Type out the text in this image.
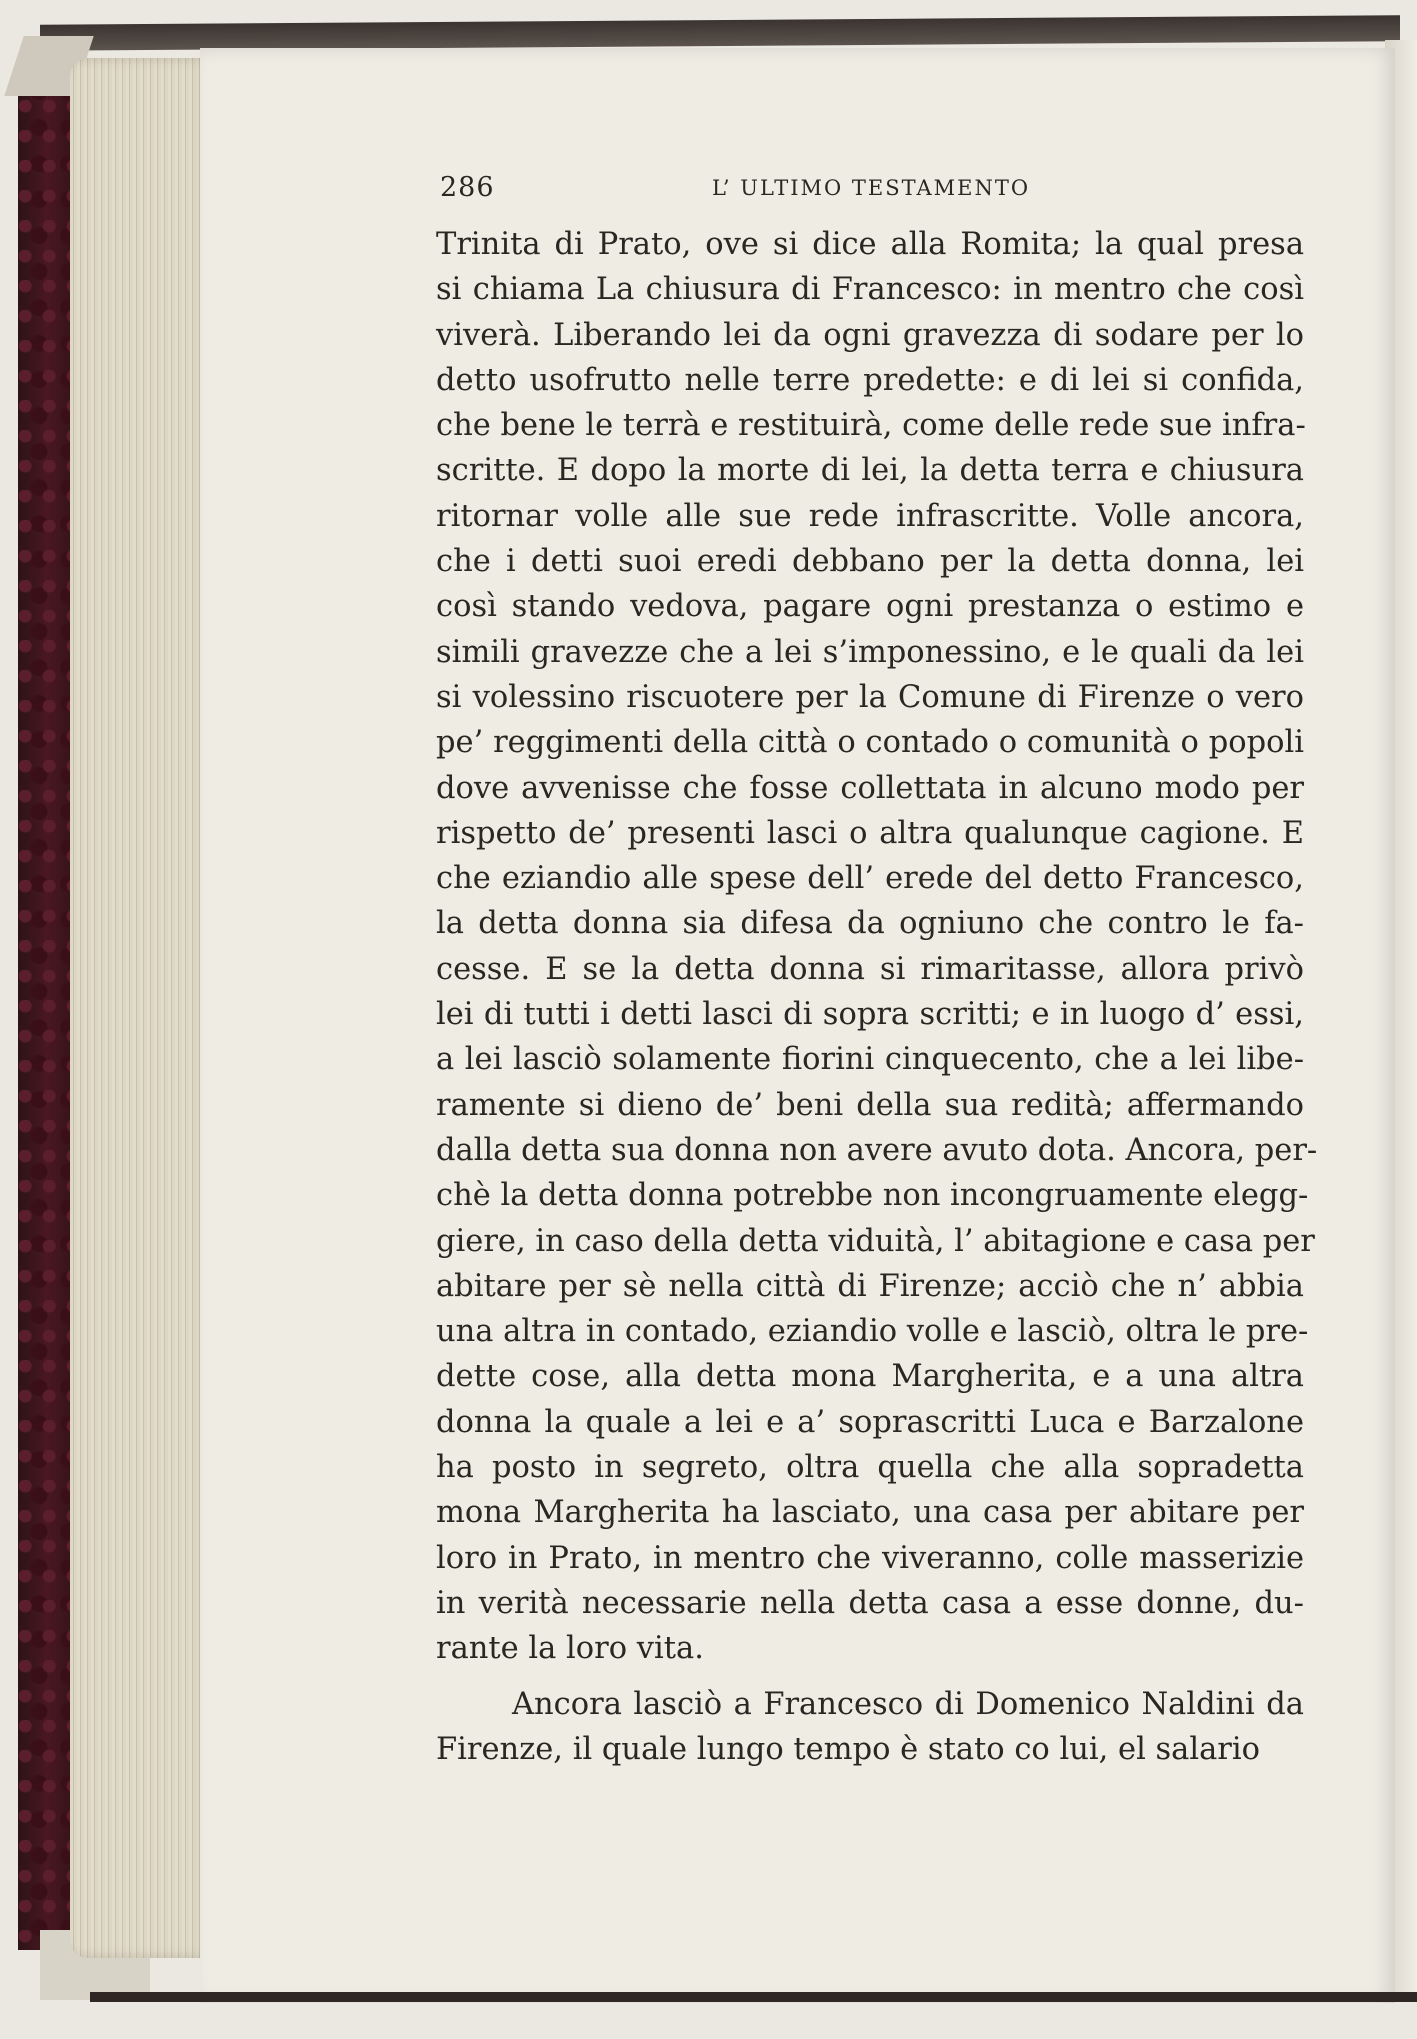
286	L’ ULTIMO TESTAMENTO
Trinita di Prato, ove si dice alla Romita; la qual presa
si chiama La chiusura di Francesco: in mentro che così
viverà. Liberando lei da ogni gravezza di sodare per lo
detto usofrutto nelle terre predette: e di lei si confida,
che bene le terrà e restituirà, come delle rede sue infra-
scritte. E dopo la morte di lei, la detta terra e chiusura
ritornar volle alle sue rede infrascritte. Volle ancora,
che i detti suoi eredi debbano per la detta donna, lei
così stando vedova, pagare ogni prestanza o estimo e
simili gravezze che a lei s’imponessino, e le quali da lei
si volessino riscuotere per la Comune di Firenze o vero
pe’ reggimenti della città o contado o comunità o popoli
dove avvenisse che fosse collettata in alcuno modo per
rispetto de’ presenti lasci o altra qualunque cagione. E
che eziandio alle spese dell’ erede del detto Francesco,
la detta donna sia difesa da ogniuno che contro le fa-
cesse. E se la detta donna si rimaritasse, allora privò
lei di tutti i detti lasci di sopra scritti; e in luogo d’ essi,
a lei lasciò solamente fiorini cinquecento, che a lei libe-
ramente si dieno de’ beni della sua redità; affermando
dalla detta sua donna non avere avuto dota. Ancora, per-
chè la detta donna potrebbe non incongruamente elegg-
giere, in caso della detta viduità, l’ abitagione e casa per
abitare per sè nella città di Firenze; acciò che n’ abbia
una altra in contado, eziandio volle e lasciò, oltra le pre-
dette cose, alla detta mona Margherita, e a una altra
donna la quale a lei e a’ soprascritti Luca e Barzalone
ha posto in segreto, oltra quella che alla sopradetta
mona Margherita ha lasciato, una casa per abitare per
loro in Prato, in mentro che viveranno, colle masserizie
in verità necessarie nella detta casa a esse donne, du-
rante la loro vita.
Ancora lasciò a Francesco di Domenico Naldini da
Firenze, il quale lungo tempo è stato co lui, el salario
